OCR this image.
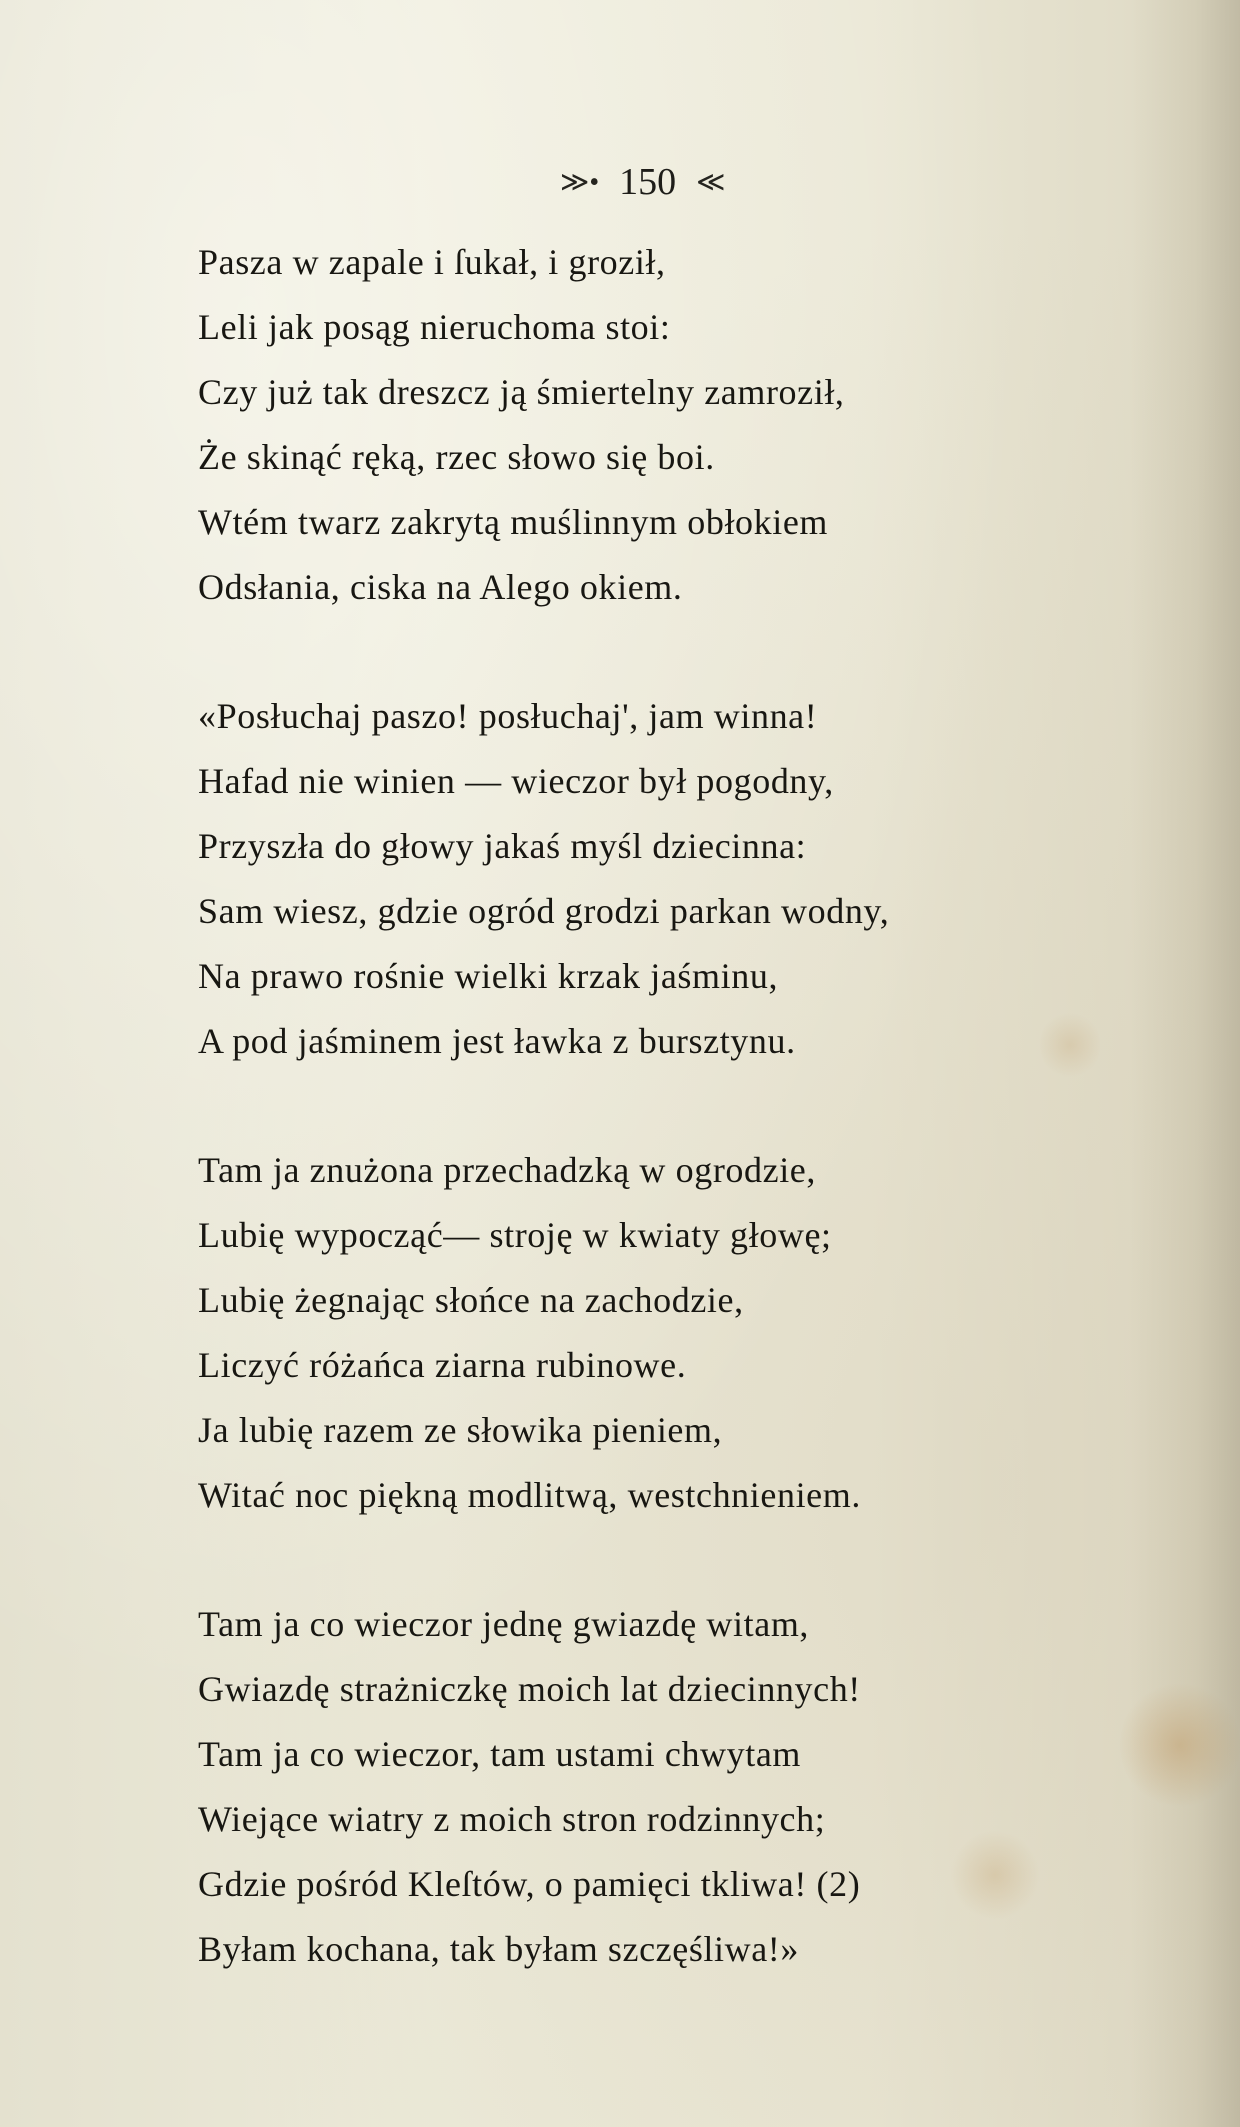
≫• 150 ≪
Pasza w zapale i ſukał, i groził,
Leli jak posąg nieruchoma stoi:
Czy już tak dreszcz ją śmiertelny zamroził,
Że skinąć ręką, rzec słowo się boi.
Wtém twarz zakrytą muślinnym obłokiem
Odsłania, ciska na Alego okiem.
«Posłuchaj paszo! posłuchaj', jam winna!
Hafad nie winien — wieczor był pogodny,
Przyszła do głowy jakaś myśl dziecinna:
Sam wiesz, gdzie ogród grodzi parkan wodny,
Na prawo rośnie wielki krzak jaśminu,
A pod jaśminem jest ławka z bursztynu.
Tam ja znużona przechadzką w ogrodzie,
Lubię wypocząć— stroję w kwiaty głowę;
Lubię żegnając słońce na zachodzie,
Liczyć różańca ziarna rubinowe.
Ja lubię razem ze słowika pieniem,
Witać noc piękną modlitwą, westchnieniem.
Tam ja co wieczor jednę gwiazdę witam,
Gwiazdę strażniczkę moich lat dziecinnych!
Tam ja co wieczor, tam ustami chwytam
Wiejące wiatry z moich stron rodzinnych;
Gdzie pośród Kleſtów, o pamięci tkliwa! (2)
Byłam kochana, tak byłam szczęśliwa!»
